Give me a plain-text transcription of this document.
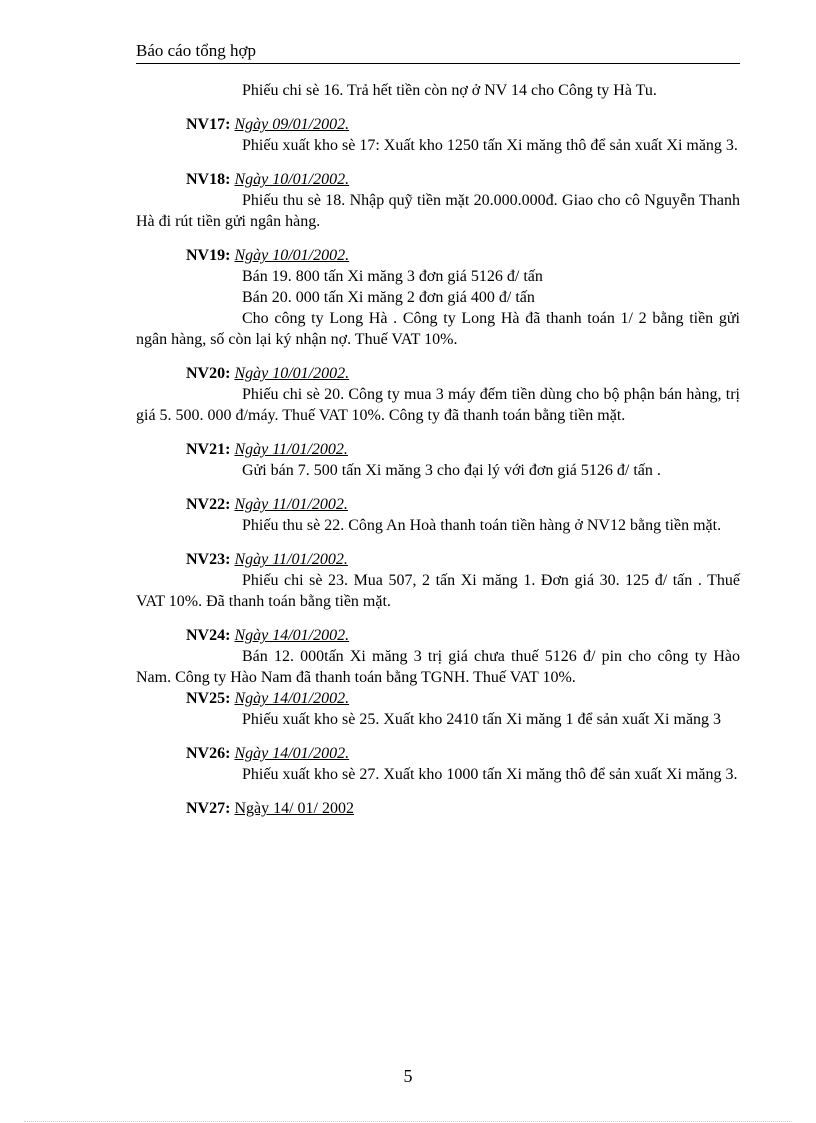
Báo cáo tổng hợp

Phiếu chi sè 16. Trả hết tiền còn nợ ở NV 14 cho Công ty Hà Tu.

NV17: Ngày 09/01/2002.

Phiếu xuất kho sè 17: Xuất kho 1250 tấn Xi măng thô để sản xuất Xi măng 3.

NV18: Ngày 10/01/2002.

Phiếu thu sè 18. Nhập quỹ tiền mặt 20.000.000đ. Giao cho cô Nguyễn Thanh Hà đi rút tiền gửi ngân hàng.

NV19: Ngày 10/01/2002.

Bán 19. 800 tấn Xi măng 3 đơn giá 5126 đ/ tấn

Bán 20. 000 tấn Xi măng 2 đơn giá 400 đ/ tấn

Cho công ty Long Hà . Công ty Long Hà đã thanh toán 1/ 2 bằng tiền gửi ngân hàng, số còn lại ký nhận nợ. Thuế VAT 10%.

NV20: Ngày 10/01/2002.

Phiếu chi sè 20. Công ty mua 3 máy đếm tiền dùng cho bộ phận bán hàng, trị giá 5. 500. 000 đ/máy. Thuế VAT 10%. Công ty đã thanh toán bằng tiền mặt.

NV21: Ngày 11/01/2002.

Gửi bán 7. 500 tấn Xi măng 3 cho đại lý với đơn giá 5126 đ/ tấn .

NV22: Ngày 11/01/2002.

Phiếu thu sè 22. Công An Hoà thanh toán tiền hàng ở NV12 bằng tiền mặt.

NV23: Ngày 11/01/2002.

Phiếu chi sè 23. Mua 507, 2 tấn Xi măng 1. Đơn giá 30. 125 đ/ tấn . Thuế VAT 10%. Đã thanh toán bằng tiền mặt.

NV24: Ngày 14/01/2002.

Bán 12. 000tấn Xi măng 3 trị giá chưa thuế 5126 đ/ pin cho công ty Hào Nam. Công ty Hào Nam đã thanh toán bằng TGNH. Thuế VAT 10%.

NV25: Ngày 14/01/2002.

Phiếu xuất kho sè 25. Xuất kho 2410 tấn Xi măng 1 để sản xuất Xi măng 3

NV26: Ngày 14/01/2002.

Phiếu xuất kho sè 27. Xuất kho 1000 tấn Xi măng thô để sản xuất Xi măng 3.

NV27: Ngày 14/ 01/ 2002
5
